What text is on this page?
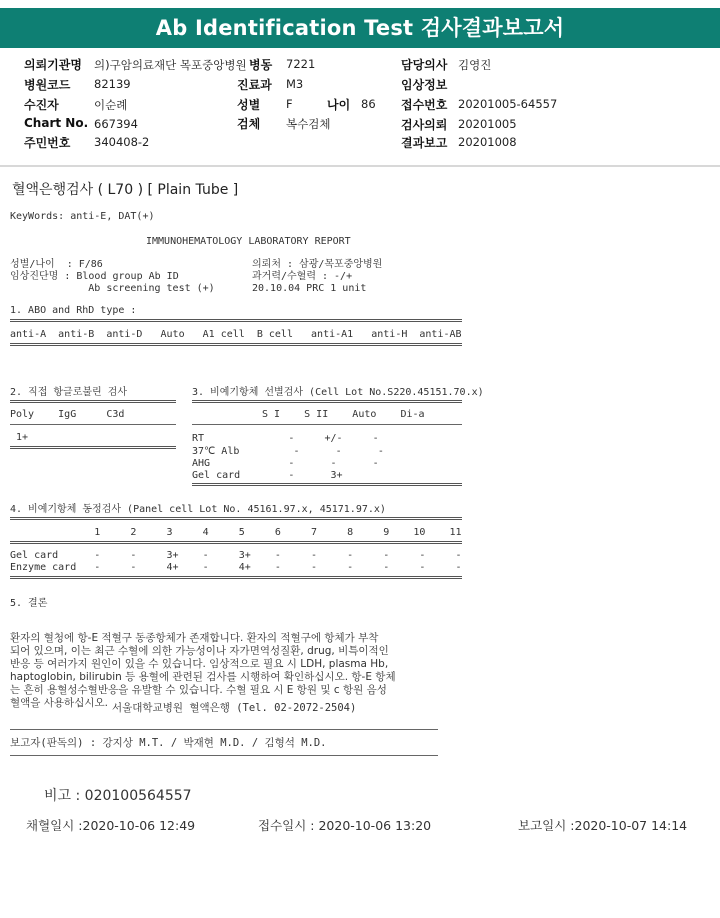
Ab Identification Test 검사결과보고서
의뢰기관명 의)구암의료재단 목포중앙병원 병동 7221	담당의사 김영진
병원코드 82139	진료과 M3	임상정보
수진자	이순례	성별 F	나이 86 접수번호 20201005-64557
Chart No. 667394	검체 복수검체	검사의뢰 20201005
주민번호 340408-2	결과보고 20201008
혈액은행검사 ( L70 ) [ Plain Tube ]
KeyWords: anti-E, DAT(+)
IMMUNOHEMATOLOGY LABORATORY REPORT
성별/나이  : F/86
임상진단명 : Blood group Ab ID
Ab screening test (+)
의뢰처 : 삼광/목포중앙병원
과거력/수혈력 : -/+
20.10.04 PRC 1 unit
1. ABO and RhD type :
anti-A  anti-B  anti-D   Auto   A1 cell  B cell   anti-A1   anti-H  anti-AB
2. 직접 항글로불린 검사
Poly    IgG     C3d
1+
3. 비예기항체 선별검사 (Cell Lot No.S220.45151.70.x)
S I    S II    Auto    Di-a
RT              -     +/-     -
37℃ Alb         -      -      -
AHG             -      -      -
Gel card        -      3+
4. 비예기항체 동정검사 (Panel cell Lot No. 45161.97.x, 45171.97.x)
1     2     3     4     5     6     7     8     9    10    11
Gel card      -     -     3+    -     3+    -     -     -     -     -     -
Enzyme card   -     -     4+    -     4+    -     -     -     -     -     -
5. 결론
환자의 혈청에 항-E 적혈구 동종항체가 존재합니다. 환자의 적혈구에 항체가 부착
되어 있으며, 이는 최근 수혈에 의한 가능성이나 자가면역성질환, drug, 비특이적인
반응 등 여러가지 원인이 있을 수 있습니다. 임상적으로 필요 시 LDH, plasma Hb,
haptoglobin, bilirubin 등 용혈에 관련된 검사를 시행하여 확인하십시오. 항-E 항체
는 흔히 용혈성수혈반응을 유발할 수 있습니다. 수혈 필요 시 E 항원 및 c 항원 음성
혈액을 사용하십시오. 서울대학교병원 혈액은행 (Tel. 02-2072-2504)
보고자(판독의) : 강지상 M.T. / 박재현 M.D. / 김형석 M.D.
비고 : 020100564557
채혈일시 :2020-10-06 12:49	접수일시 : 2020-10-06 13:20	보고일시 :2020-10-07 14:14
